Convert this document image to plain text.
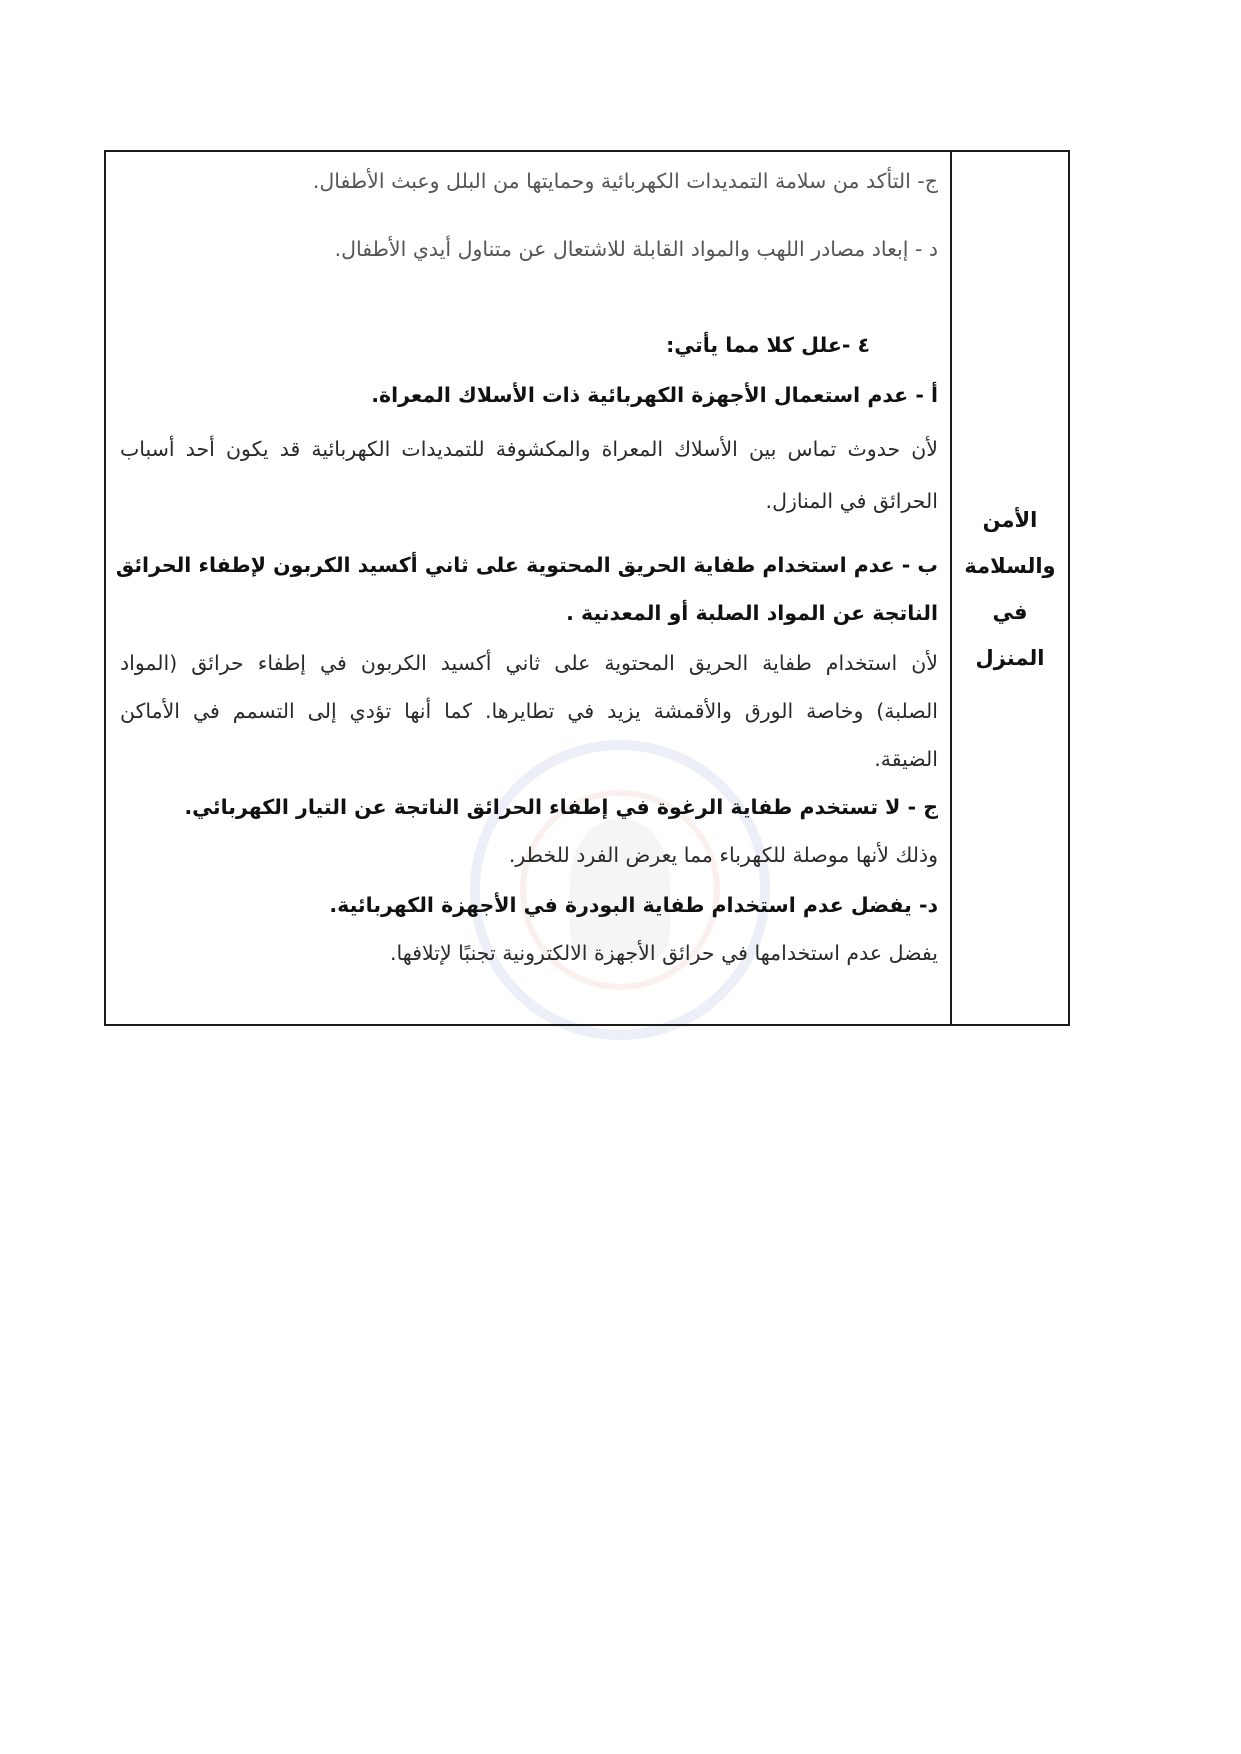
الأمن
والسلامة
في
المنزل
ج- التأكد من سلامة التمديدات الكهربائية وحمايتها من البلل وعبث الأطفال.
د - إبعاد مصادر اللهب والمواد القابلة للاشتعال عن متناول أيدي الأطفال.
٤ -علل كلا مما يأتي:
أ - عدم استعمال الأجهزة الكهربائية ذات الأسلاك المعراة.
لأن حدوث تماس بين الأسلاك المعراة والمكشوفة للتمديدات الكهربائية قد يكون أحد أسباب
الحرائق في المنازل.
ب - عدم استخدام طفاية الحريق المحتوية على ثاني أكسيد الكربون لإطفاء الحرائق
الناتجة عن المواد الصلبة أو المعدنية .
لأن استخدام طفاية الحريق المحتوية على ثاني أكسيد الكربون في إطفاء حرائق (المواد
الصلبة) وخاصة الورق والأقمشة يزيد في تطايرها. كما أنها تؤدي إلى التسمم في الأماكن
الضيقة.
ج - لا تستخدم طفاية الرغوة في إطفاء الحرائق الناتجة عن التيار الكهربائي.
وذلك لأنها موصلة للكهرباء مما يعرض الفرد للخطر.
د- يفضل عدم استخدام طفاية البودرة في الأجهزة الكهربائية.
يفضل عدم استخدامها في حرائق الأجهزة الالكترونية تجنبًا لإتلافها.
